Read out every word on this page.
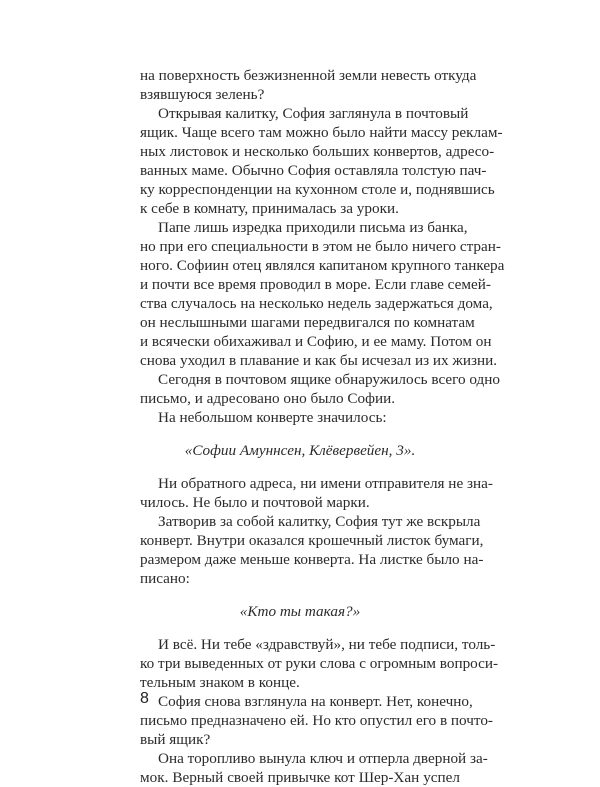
на поверхность безжизненной земли невесть откуда
взявшуюся зелень?
Открывая калитку, София заглянула в почтовый
ящик. Чаще всего там можно было найти массу реклам-
ных листовок и несколько больших конвертов, адресо-
ванных маме. Обычно София оставляла толстую пач-
ку корреспонденции на кухонном столе и, поднявшись
к себе в комнату, принималась за уроки.
Папе лишь изредка приходили письма из банка,
но при его специальности в этом не было ничего стран-
ного. Софиин отец являлся капитаном крупного танкера
и почти все время проводил в море. Если главе семей-
ства случалось на несколько недель задержаться дома,
он неслышными шагами передвигался по комнатам
и всячески обихаживал и Софию, и ее маму. Потом он
снова уходил в плавание и как бы исчезал из их жизни.
Сегодня в почтовом ящике обнаружилось всего одно
письмо, и адресовано оно было Софии.
На небольшом конверте значилось:
«Софии Амуннсен, Клёвервейен, 3».
Ни обратного адреса, ни имени отправителя не зна-
чилось. Не было и почтовой марки.
Затворив за собой калитку, София тут же вскрыла
конверт. Внутри оказался крошечный листок бумаги,
размером даже меньше конверта. На листке было на-
писано:
«Кто ты такая?»
И всё. Ни тебе «здравствуй», ни тебе подписи, толь-
ко три выведенных от руки слова с огромным вопроси-
тельным знаком в конце.
София снова взглянула на конверт. Нет, конечно,
письмо предназначено ей. Но кто опустил его в почто-
вый ящик?
Она торопливо вынула ключ и отперла дверной за-
мок. Верный своей привычке кот Шер-Хан успел
8
